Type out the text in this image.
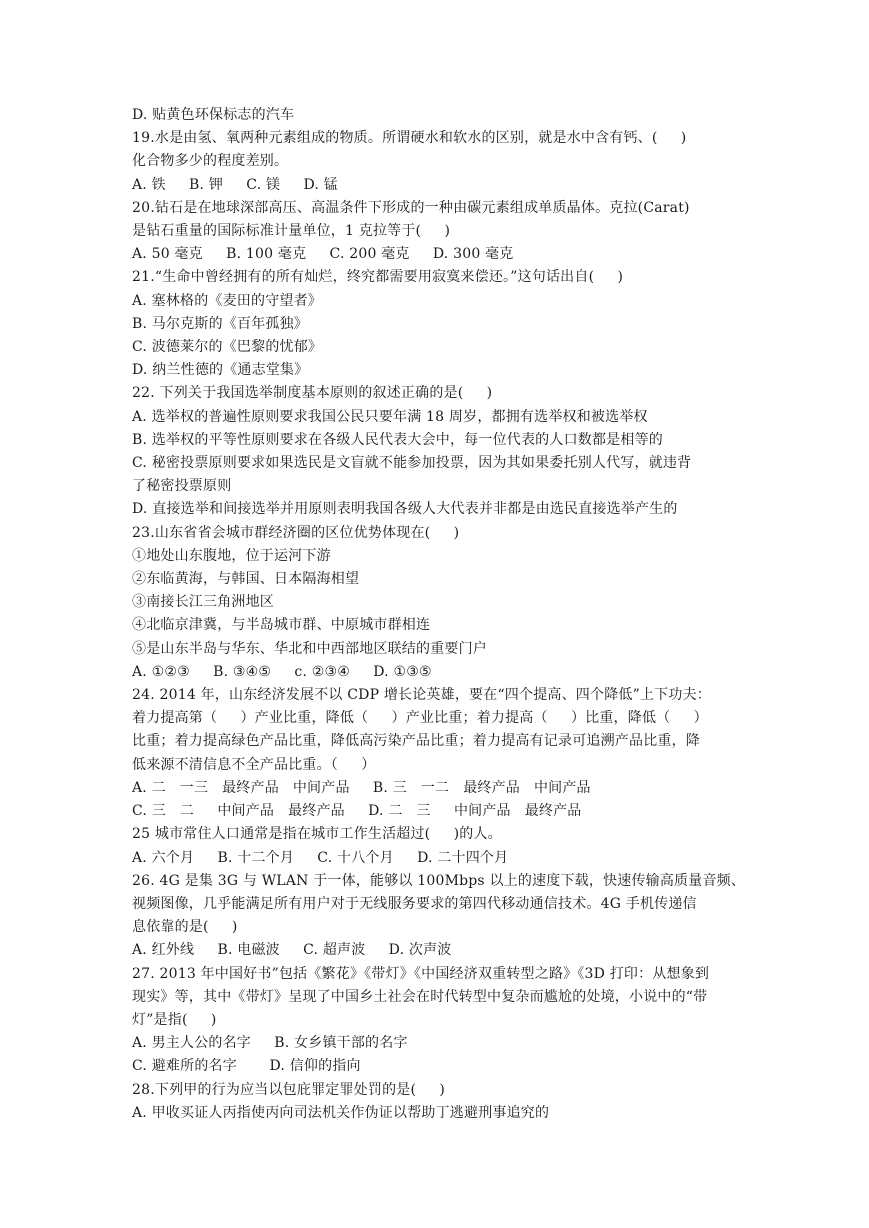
D. 贴黄色环保标志的汽车
19.水是由氢、氧两种元素组成的物质。所谓硬水和软水的区别，就是水中含有钙、(     )
化合物多少的程度差别。
A. 铁     B. 钾     C. 镁     D. 锰
20.钻石是在地球深部高压、高温条件下形成的一种由碳元素组成单质晶体。克拉(Carat)
是钻石重量的国际标准计量单位，1 克拉等于(     )
A. 50 毫克     B. 100 毫克     C. 200 毫克     D. 300 毫克
21.“生命中曾经拥有的所有灿烂，终究都需要用寂寞来偿还。”这句话出自(     )
A. 塞林格的《麦田的守望者》
B. 马尔克斯的《百年孤独》
C. 波德莱尔的《巴黎的忧郁》
D. 纳兰性德的《通志堂集》
22. 下列关于我国选举制度基本原则的叙述正确的是(     )
A. 选举权的普遍性原则要求我国公民只要年满 18 周岁，都拥有选举权和被选举权
B. 选举权的平等性原则要求在各级人民代表大会中，每一位代表的人口数都是相等的
C. 秘密投票原则要求如果选民是文盲就不能参加投票，因为其如果委托别人代写，就违背
了秘密投票原则
D. 直接选举和间接选举并用原则表明我国各级人大代表并非都是由选民直接选举产生的
23.山东省省会城市群经济圈的区位优势体现在(     )
①地处山东腹地，位于运河下游
②东临黄海，与韩国、日本隔海相望
③南接长江三角洲地区
④北临京津冀，与半岛城市群、中原城市群相连
⑤是山东半岛与华东、华北和中西部地区联结的重要门户
A. ①②③     B. ③④⑤     c. ②③④     D. ①③⑤
24. 2014 年，山东经济发展不以 CDP 增长论英雄，要在“四个提高、四个降低”上下功夫：
着力提高第（     ）产业比重，降低（     ）产业比重；着力提高（     ）比重，降低（     ）
比重；着力提高绿色产品比重，降低高污染产品比重；着力提高有记录可追溯产品比重，降
低来源不清信息不全产品比重。（     ）
A. 二   一三   最终产品   中间产品     B. 三   一二   最终产品   中间产品
C. 三   二     中间产品   最终产品     D. 二   三     中间产品   最终产品
25 城市常住人口通常是指在城市工作生活超过(     )的人。
A. 六个月     B. 十二个月     C. 十八个月     D. 二十四个月
26. 4G 是集 3G 与 WLAN 于一体，能够以 100Mbps 以上的速度下载，快速传输高质量音频、
视频图像，几乎能满足所有用户对于无线服务要求的第四代移动通信技术。4G 手机传递信
息依靠的是(     )
A. 红外线     B. 电磁波     C. 超声波     D. 次声波
27. 2013 年中国好书”包括《繁花》《带灯》《中国经济双重转型之路》《3D 打印：从想象到
现实》等，其中《带灯》呈现了中国乡土社会在时代转型中复杂而尴尬的处境，小说中的“带
灯”是指(     )
A. 男主人公的名字     B. 女乡镇干部的名字
C. 避难所的名字       D. 信仰的指向
28.下列甲的行为应当以包庇罪定罪处罚的是(     )
A. 甲收买证人丙指使丙向司法机关作伪证以帮助丁逃避刑事追究的
